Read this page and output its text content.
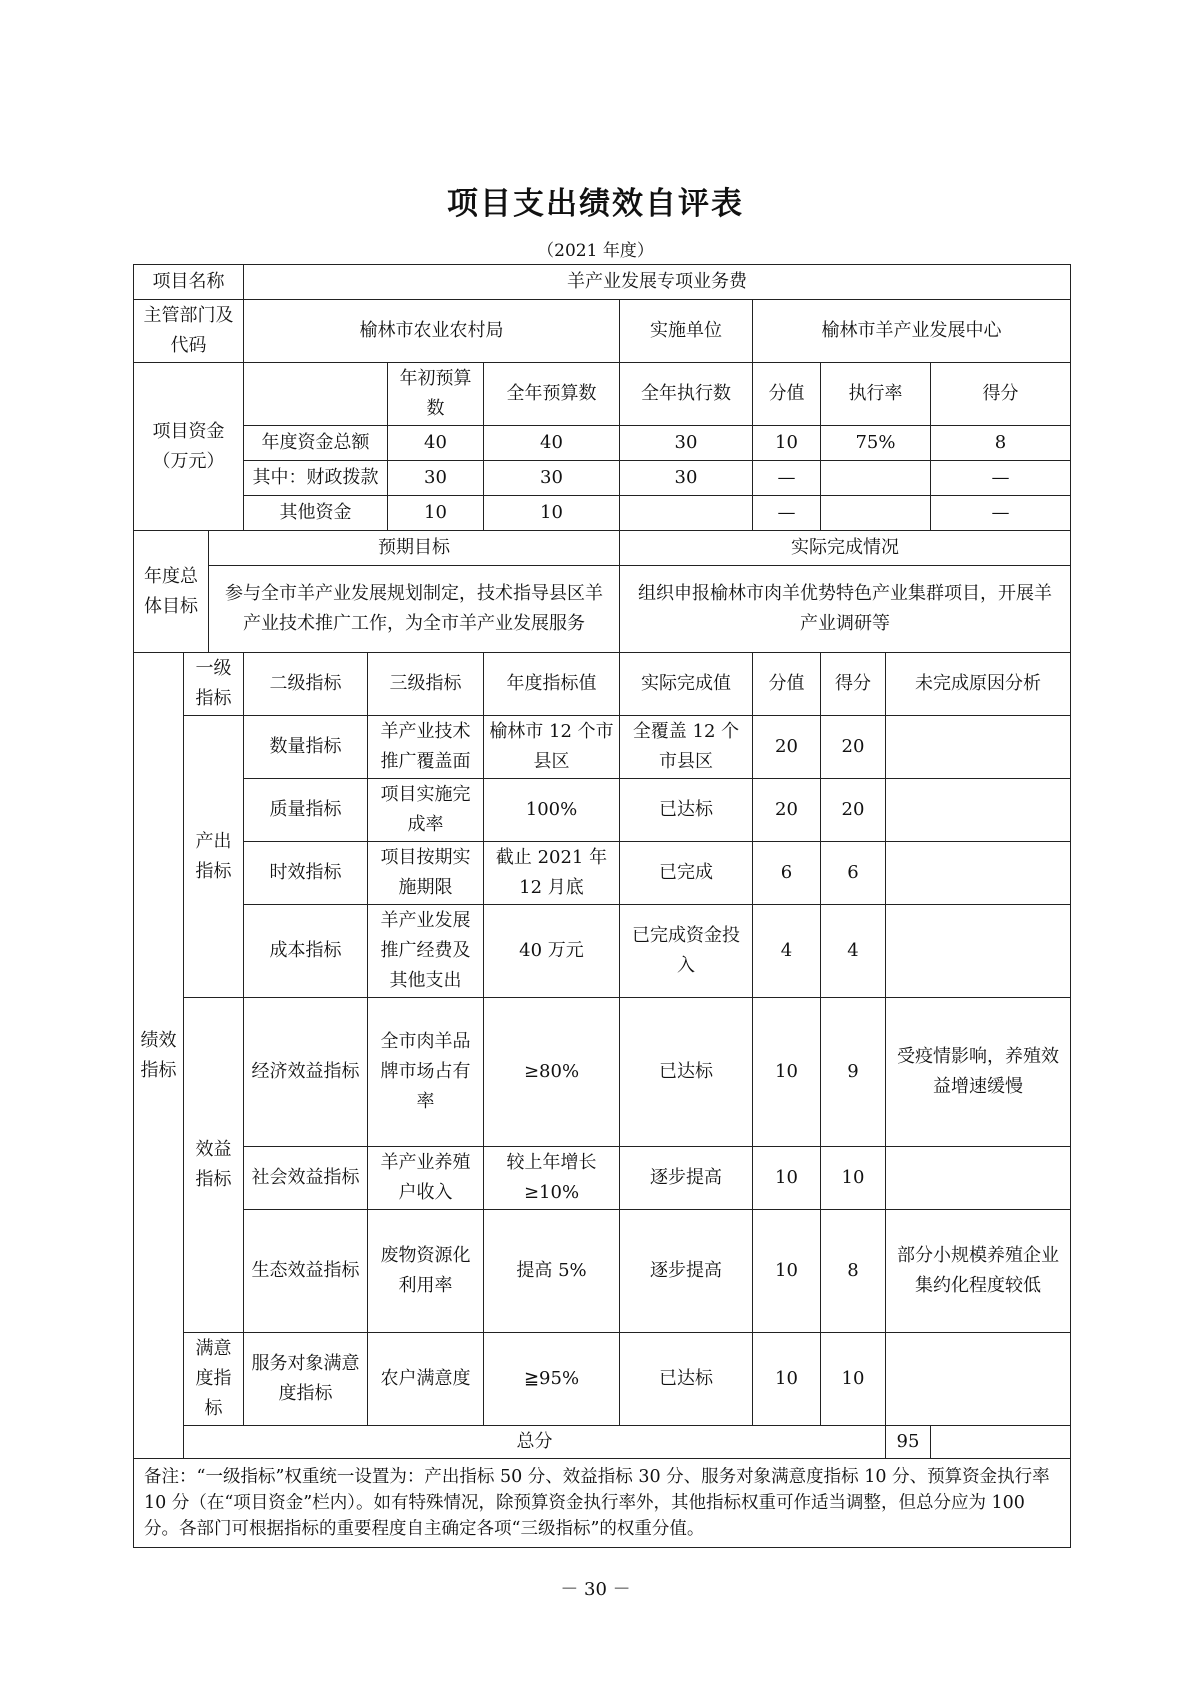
项目支出绩效自评表
（2021 年度）
项目名称			羊产业发展专项业务费								
主管部门及代码			榆林市农业农村局				实施单位	榆林市羊产业发展中心			
项目资金（万元）					年初预算数	全年预算数	全年执行数	分值	执行率		得分
			年度资金总额		40	40	30	10	75%		8
			其中：财政拨款		30	30	30	—			—
			其他资金		10	10		—			—
年度总体目标		预期目标					实际完成情况				
		参与全市羊产业发展规划制定，技术指导县区羊产业技术推广工作，为全市羊产业发展服务					组织申报榆林市肉羊优势特色产业集群项目，开展羊产业调研等				
绩效指标	一级指标		二级指标	三级指标		年度指标值	实际完成值	分值	得分	未完成原因分析	
	产出指标		数量指标	羊产业技术推广覆盖面		榆林市 12 个市县区	全覆盖 12 个市县区	20	20		
			质量指标	项目实施完成率		100%	已达标	20	20		
			时效指标	项目按期实施期限		截止 2021 年 12 月底	已完成	6	6		
			成本指标	羊产业发展推广经费及其他支出		40 万元	已完成资金投入	4	4		
	效益指标		经济效益指标	全市肉羊品牌市场占有率		≥80%	已达标	10	9	受疫情影响，养殖效益增速缓慢	
			社会效益指标	羊产业养殖户收入		较上年增长≥10%	逐步提高	10	10		
			生态效益指标	废物资源化利用率		提高 5%	逐步提高	10	8	部分小规模养殖企业集约化程度较低	
	满意度指标		服务对象满意度指标	农户满意度		≧95%	已达标	10	10		
	总分									95	
备注：“一级指标”权重统一设置为：产出指标 50 分、效益指标 30 分、服务对象满意度指标 10 分、预算资金执行率 10 分（在“项目资金”栏内）。如有特殊情况，除预算资金执行率外，其他指标权重可作适当调整，但总分应为 100 分。各部门可根据指标的重要程度自主确定各项“三级指标”的权重分值。											
－ 30 －
